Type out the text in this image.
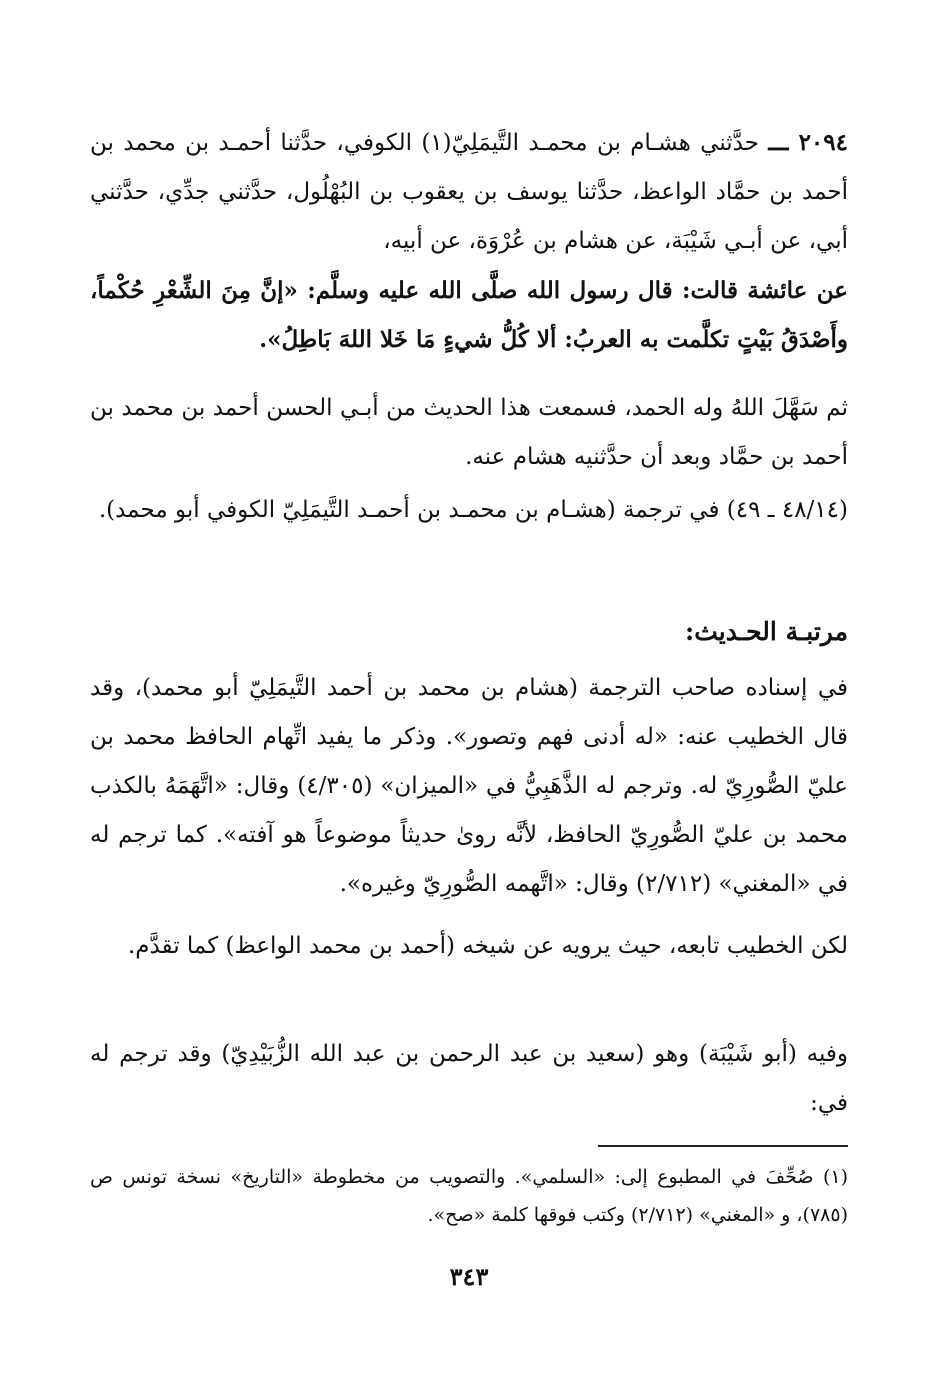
٢٠٩٤ ـــ حدَّثني هشـام بن محمـد التَّيمَلِيّ(١) الكوفي، حدَّثنا أحمـد بن محمد بن أحمد بن حمَّاد الواعظ، حدَّثنا يوسف بن يعقوب بن البُهْلُول، حدَّثني جدِّي، حدَّثني أبي، عن أبـي شَيْبَة، عن هشام بن عُرْوَة، عن أبيه،

عن عائشة قالت: قال رسول الله صلَّى الله عليه وسلَّم: «إنَّ مِنَ الشِّعْرِ حُكْماً، وأَصْدَقُ بَيْتٍ تكلَّمت به العربُ: ألا كُلُّ شيءٍ مَا خَلا اللهَ بَاطِلُ».

ثم سَهَّلَ اللهُ وله الحمد، فسمعت هذا الحديث من أبـي الحسن أحمد بن محمد بن أحمد بن حمَّاد وبعد أن حدَّثنيه هشام عنه.

(٤٨/١٤ ـ ٤٩) في ترجمة (هشـام بن محمـد بن أحمـد التَّيمَلِيّ الكوفي أبو محمد).

مرتبـة الحـديث:

في إسناده صاحب الترجمة (هشام بن محمد بن أحمد التَّيمَلِيّ أبو محمد)، وقد قال الخطيب عنه: «له أدنى فهم وتصور». وذكر ما يفيد اتِّهام الحافظ محمد بن عليّ الصُّورِيّ له. وترجم له الذَّهَبِيُّ في «الميزان» (٤/٣٠٥) وقال: «اتَّهَمَهُ بالكذب محمد بن عليّ الصُّورِيّ الحافظ، لأنَّه روىٰ حديثاً موضوعاً هو آفته». كما ترجم له في «المغني» (٢/٧١٢) وقال: «اتَّهمه الصُّورِيّ وغيره».

لكن الخطيب تابعه، حيث يرويه عن شيخه (أحمد بن محمد الواعظ) كما تقدَّم.

وفيه (أبو شَيْبَة) وهو (سعيد بن عبد الرحمن بن عبد الله الزُّبَيْدِيّ) وقد ترجم له في:

(١) صُحِّفَ في المطبوع إلى: «السلمي». والتصويب من مخطوطة «التاريخ» نسخة تونس ص (٧٨٥)، و «المغني» (٢/٧١٢) وكتب فوقها كلمة «صح».

٣٤٣
